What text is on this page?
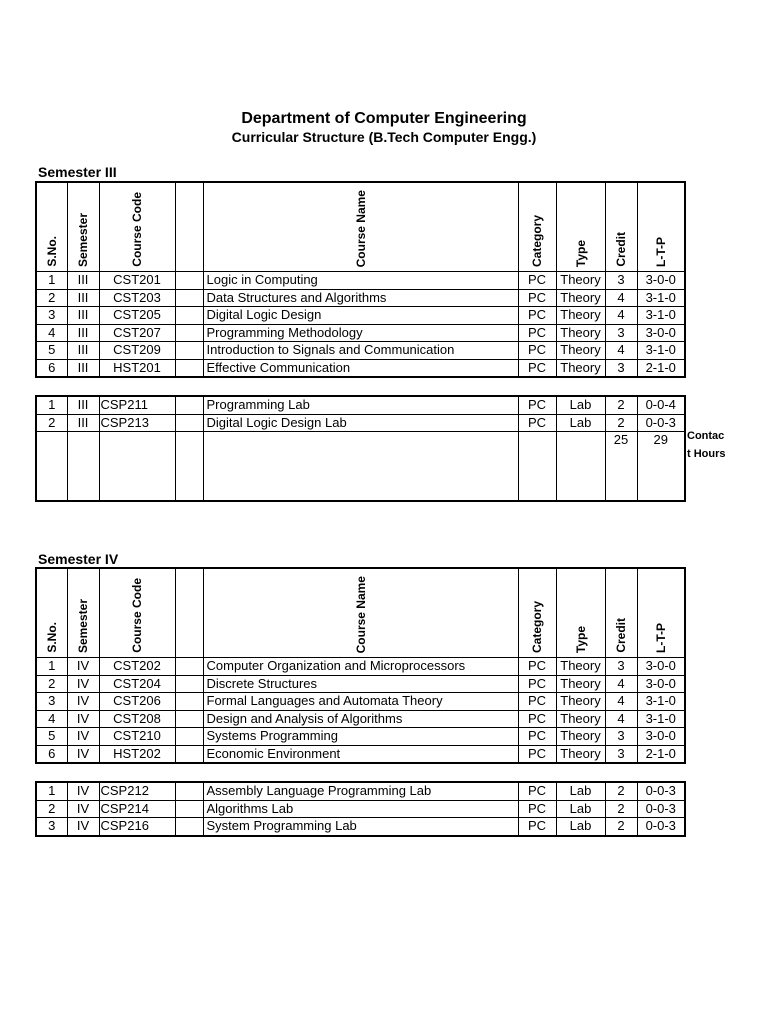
Department of Computer Engineering
Curricular Structure (B.Tech Computer Engg.)
Semester III
S.No.	Semester	Course Code		Course Name	Category	Type	Credit	L-T-P
1	III	CST201		Logic in Computing	PC	Theory	3	3-0-0
2	III	CST203		Data Structures and Algorithms	PC	Theory	4	3-1-0
3	III	CST205		Digital Logic Design	PC	Theory	4	3-1-0
4	III	CST207		Programming Methodology	PC	Theory	3	3-0-0
5	III	CST209		Introduction to Signals and Communication	PC	Theory	4	3-1-0
6	III	HST201		Effective Communication	PC	Theory	3	2-1-0
1	III	CSP211		Programming Lab	PC	Lab	2	0-0-4
2	III	CSP213		Digital Logic Design Lab	PC	Lab	2	0-0-3
							25	29 Contact Hours
Semester IV
S.No.	Semester	Course Code		Course Name	Category	Type	Credit	L-T-P
1	IV	CST202		Computer Organization and Microprocessors	PC	Theory	3	3-0-0
2	IV	CST204		Discrete Structures	PC	Theory	4	3-0-0
3	IV	CST206		Formal Languages and Automata Theory	PC	Theory	4	3-1-0
4	IV	CST208		Design and Analysis of Algorithms	PC	Theory	4	3-1-0
5	IV	CST210		Systems Programming	PC	Theory	3	3-0-0
6	IV	HST202		Economic Environment	PC	Theory	3	2-1-0
1	IV	CSP212		Assembly Language Programming Lab	PC	Lab	2	0-0-3
2	IV	CSP214		Algorithms Lab	PC	Lab	2	0-0-3
3	IV	CSP216		System Programming Lab	PC	Lab	2	0-0-3
